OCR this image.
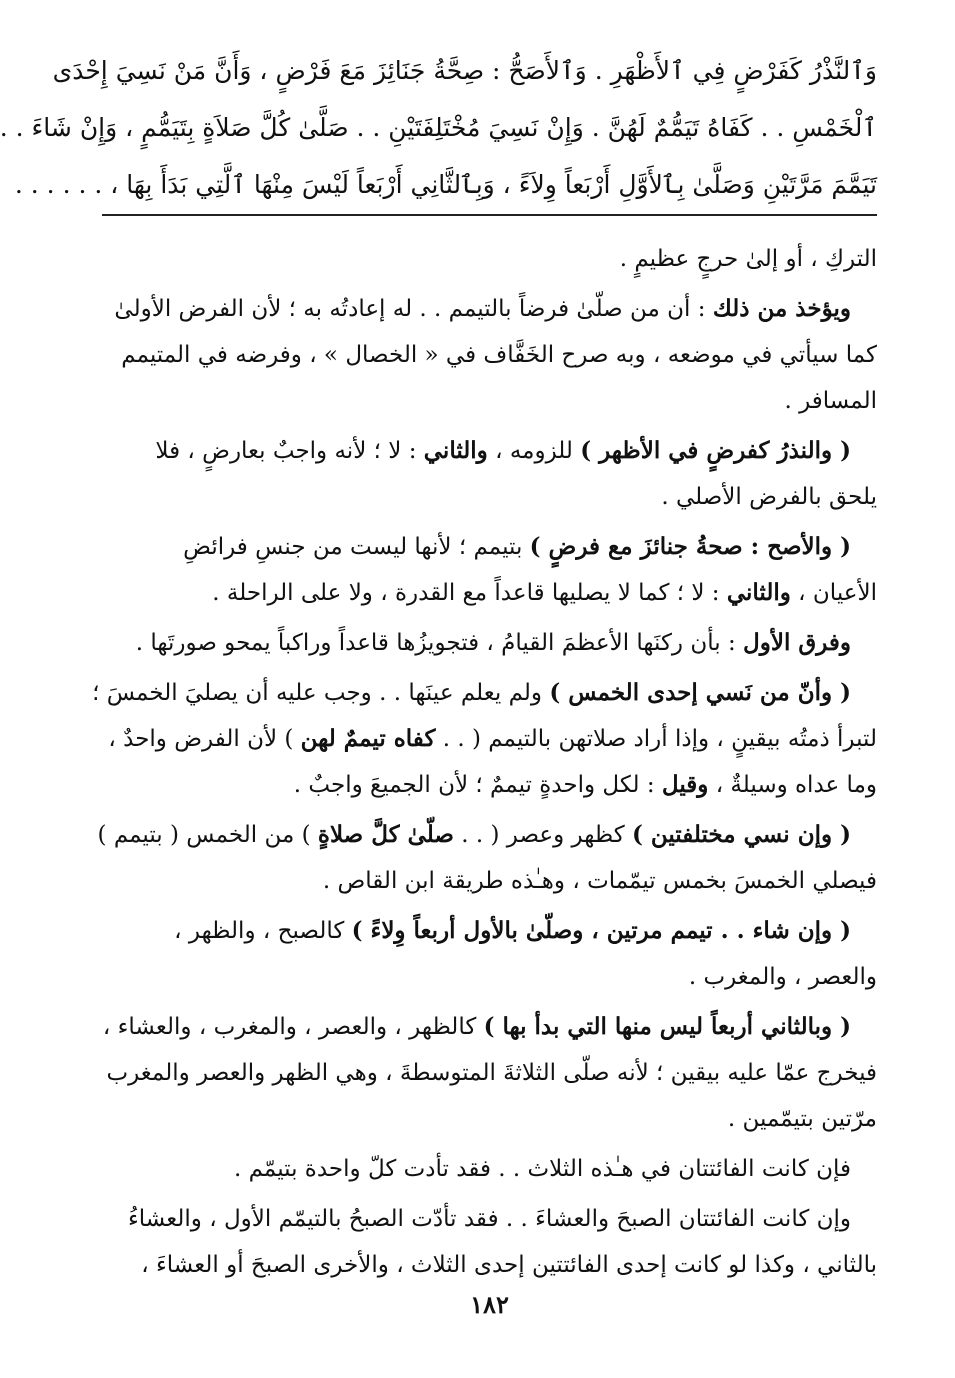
وَٱلنَّذْرُ كَفَرْضٍ فِي ٱلأَظْهَرِ . وَٱلأَصَحُّ : صِحَّةُ جَنَائِزَ مَعَ فَرْضٍ ، وَأَنَّ مَنْ نَسِيَ إِحْدَى
ٱلْخَمْسِ . . كَفَاهُ تَيَمُّمٌ لَهُنَّ . وَإِنْ نَسِيَ مُخْتَلِفَتَيْنِ . . صَلَّىٰ كُلَّ صَلاَةٍ بِتَيَمُّمٍ ، وَإِنْ شَاءَ . .
تَيَمَّمَ مَرَّتَيْنِ وَصَلَّىٰ بِٱلأَوَّلِ أَرْبَعاً وِلاَءً ، وَبِٱلثَّانِي أَرْبَعاً لَيْسَ مِنْهَا ٱلَّتِي بَدَأَ بِهَا ، . . . . . .

التركِ ، أو إلىٰ حرجٍ عظيمٍ .

ويؤخذ من ذلك : أن من صلّىٰ فرضاً بالتيمم . . له إعادتُه به ؛ لأن الفرض الأولىٰ
كما سيأتي في موضعه ، وبه صرح الخَفَّاف في « الخصال » ، وفرضه في المتيمم
المسافر .

( والنذرُ كفرضٍ في الأظهر ) للزومه ، والثاني : لا ؛ لأنه واجبٌ بعارضٍ ، فلا
يلحق بالفرض الأصلي .

( والأصح : صحةُ جنائزَ مع فرضٍ ) بتيمم ؛ لأنها ليست من جنسِ فرائضِ
الأعيان ، والثاني : لا ؛ كما لا يصليها قاعداً مع القدرة ، ولا على الراحلة .

وفرق الأول : بأن ركنَها الأعظمَ القيامُ ، فتجويزُها قاعداً وراكباً يمحو صورتَها .

( وأنّ من نَسي إحدى الخمس ) ولم يعلم عينَها . . وجب عليه أن يصليَ الخمسَ ؛
لتبرأ ذمتُه بيقينٍ ، وإذا أراد صلاتهن بالتيمم ( . . كفاه تيممٌ لهن ) لأن الفرض واحدٌ ،
وما عداه وسيلةٌ ، وقيل : لكل واحدةٍ تيممٌ ؛ لأن الجميعَ واجبٌ .

( وإن نسي مختلفتين ) كظهر وعصر ( . . صلّىٰ كلَّ صلاةٍ ) من الخمس ( بتيمم )
فيصلي الخمسَ بخمس تيمّمات ، وهـٰذه طريقة ابن القاص .

( وإن شاء . . تيمم مرتين ، وصلّىٰ بالأول أربعاً وِلاءً ) كالصبح ، والظهر ،
والعصر ، والمغرب .

( وبالثاني أربعاً ليس منها التي بدأ بها ) كالظهر ، والعصر ، والمغرب ، والعشاء ،
فيخرج عمّا عليه بيقين ؛ لأنه صلّى الثلاثةَ المتوسطةَ ، وهي الظهر والعصر والمغرب
مرّتين بتيمّمين .

فإن كانت الفائتتان في هـٰذه الثلاث . . فقد تأدت كلّ واحدة بتيمّم .

وإن كانت الفائتتان الصبحَ والعشاءَ . . فقد تأدّت الصبحُ بالتيمّم الأول ، والعشاءُ
بالثاني ، وكذا لو كانت إحدى الفائتتين إحدى الثلاث ، والأخرى الصبحَ أو العشاءَ ،

١٨٢
